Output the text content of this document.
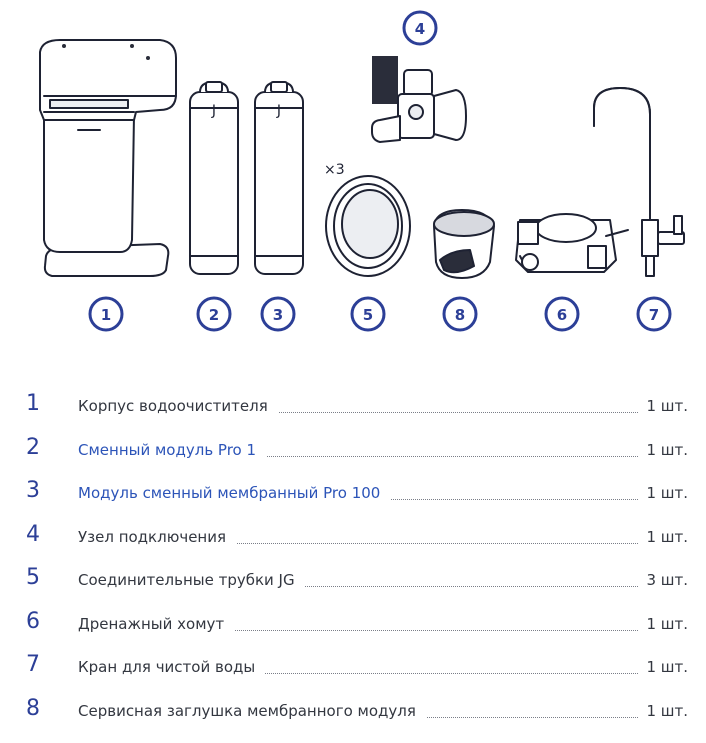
J	J
×3
4
1	2	3	5	8	6	7
1	Корпус водоочистителя	1 шт.
2	Сменный модуль Pro 1	1 шт.
3	Модуль сменный мембранный Pro 100	1 шт.
4	Узел подключения	1 шт.
5	Соединительные трубки JG	3 шт.
6	Дренажный хомут	1 шт.
7	Кран для чистой воды	1 шт.
8	Сервисная заглушка мембранного модуля	1 шт.
